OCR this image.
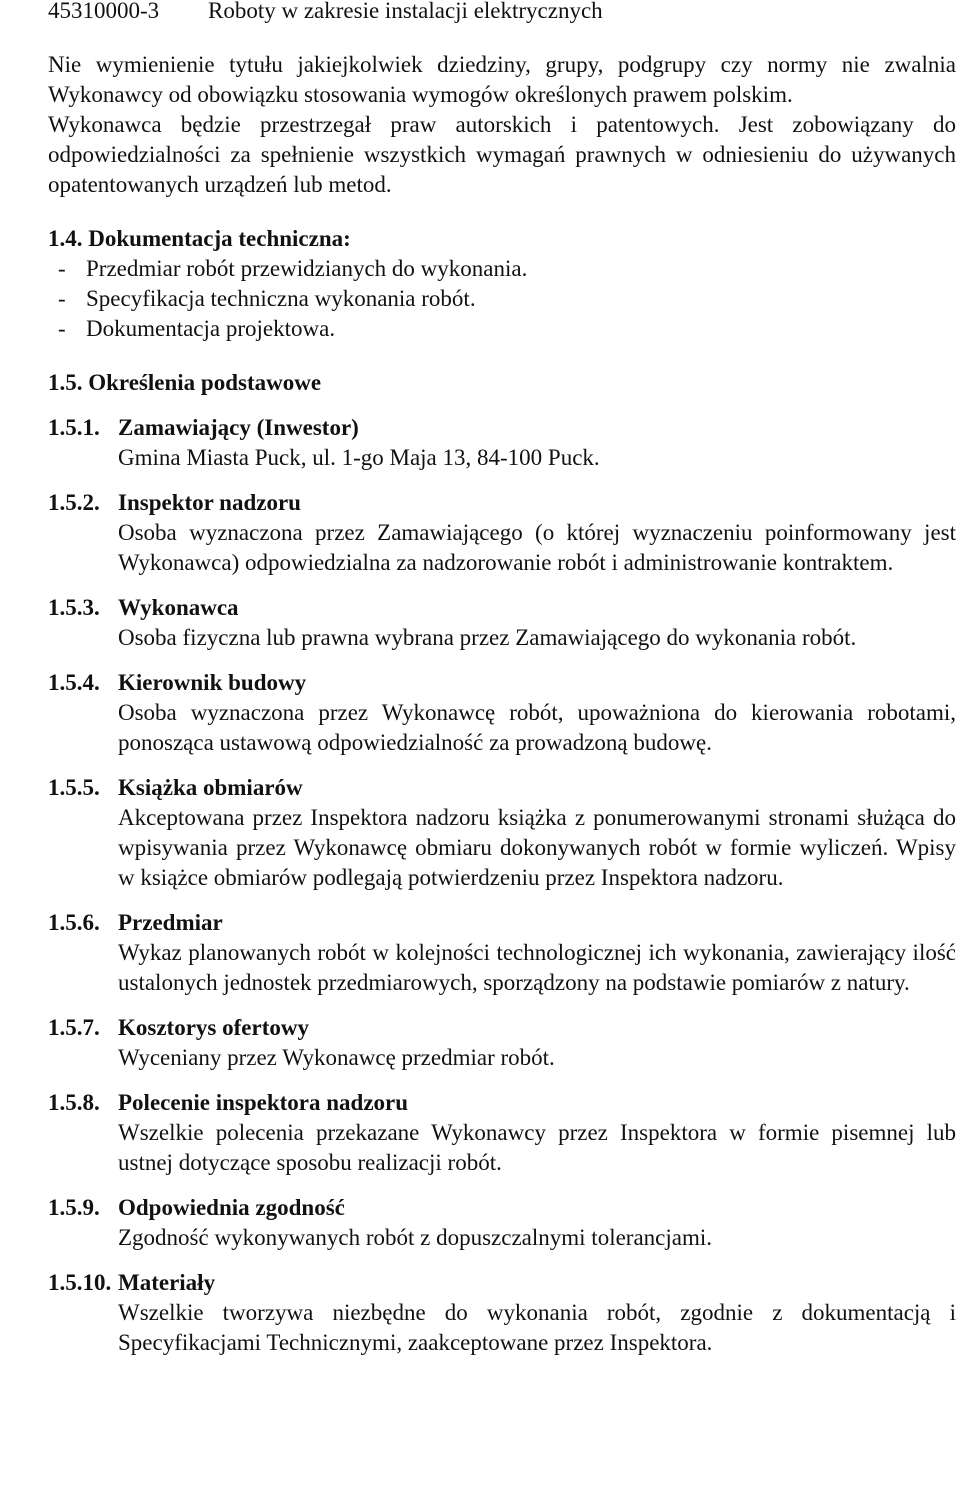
45310000-3 Roboty w zakresie instalacji elektrycznych

Nie wymienienie tytułu jakiejkolwiek dziedziny, grupy, podgrupy czy normy nie zwalnia Wykonawcy od obowiązku stosowania wymogów określonych prawem polskim.

Wykonawca będzie przestrzegał praw autorskich i patentowych. Jest zobowiązany do odpowiedzialności za spełnienie wszystkich wymagań prawnych w odniesieniu do używanych opatentowanych urządzeń lub metod.

1.4. Dokumentacja techniczna:

- Przedmiar robót przewidzianych do wykonania.
- Specyfikacja techniczna wykonania robót.
- Dokumentacja projektowa.

1.5. Określenia podstawowe

1.5.1. Zamawiający (Inwestor)
Gmina Miasta Puck, ul. 1-go Maja 13, 84-100 Puck.
1.5.2. Inspektor nadzoru
Osoba wyznaczona przez Zamawiającego (o której wyznaczeniu poinformowany jest Wykonawca) odpowiedzialna za nadzorowanie robót i administrowanie kontraktem.
1.5.3. Wykonawca
Osoba fizyczna lub prawna wybrana przez Zamawiającego do wykonania robót.
1.5.4. Kierownik budowy
Osoba wyznaczona przez Wykonawcę robót, upoważniona do kierowania robotami, ponosząca ustawową odpowiedzialność za prowadzoną budowę.
1.5.5. Książka obmiarów
Akceptowana przez Inspektora nadzoru książka z ponumerowanymi stronami służąca do wpisywania przez Wykonawcę obmiaru dokonywanych robót w formie wyliczeń. Wpisy w książce obmiarów podlegają potwierdzeniu przez Inspektora nadzoru.
1.5.6. Przedmiar
Wykaz planowanych robót w kolejności technologicznej ich wykonania, zawierający ilość ustalonych jednostek przedmiarowych, sporządzony na podstawie pomiarów z natury.
1.5.7. Kosztorys ofertowy
Wyceniany przez Wykonawcę przedmiar robót.
1.5.8. Polecenie inspektora nadzoru
Wszelkie polecenia przekazane Wykonawcy przez Inspektora w formie pisemnej lub ustnej dotyczące sposobu realizacji robót.
1.5.9. Odpowiednia zgodność
Zgodność wykonywanych robót z dopuszczalnymi tolerancjami.
1.5.10. Materiały
Wszelkie tworzywa niezbędne do wykonania robót, zgodnie z dokumentacją i Specyfikacjami Technicznymi, zaakceptowane przez Inspektora.
